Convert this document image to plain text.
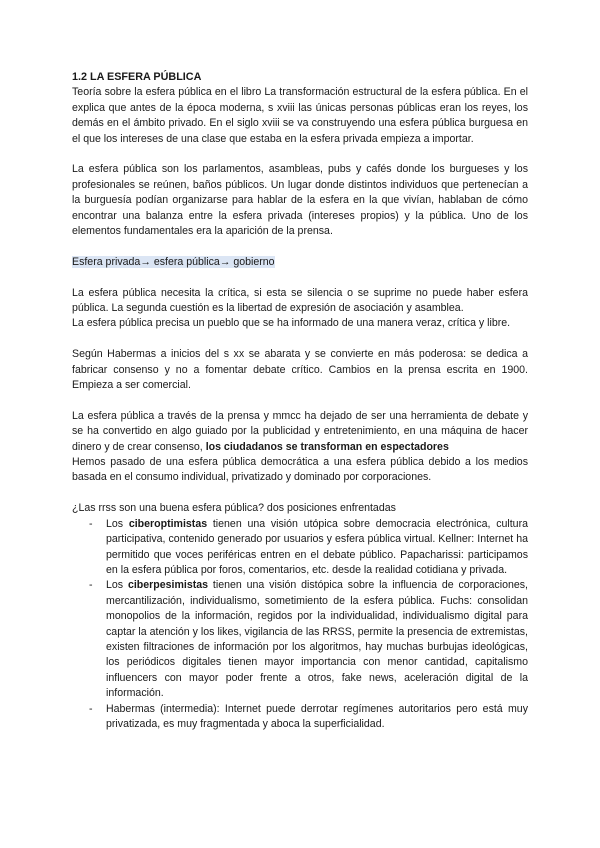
1.2 LA ESFERA PÚBLICA

Teoría sobre la esfera pública en el libro La transformación estructural de la esfera pública. En el explica que antes de la época moderna, s xviii las únicas personas públicas eran los reyes, los demás en el ámbito privado. En el siglo xviii se va construyendo una esfera pública burguesa en el que los intereses de una clase que estaba en la esfera privada empieza a importar.

La esfera pública son los parlamentos, asambleas, pubs y cafés donde los burgueses y los profesionales se reúnen, baños públicos. Un lugar donde distintos individuos que pertenecían a la burguesía podían organizarse para hablar de la esfera en la que vivían, hablaban de cómo encontrar una balanza entre la esfera privada (intereses propios) y la pública. Uno de los elementos fundamentales era la aparición de la prensa.

Esfera privada→ esfera pública→ gobierno

La esfera pública necesita la crítica, si esta se silencia o se suprime no puede haber esfera pública. La segunda cuestión es la libertad de expresión de asociación y asamblea.

La esfera pública precisa un pueblo que se ha informado de una manera veraz, crítica y libre.

Según Habermas a inicios del s xx se abarata y se convierte en más poderosa: se dedica a fabricar consenso y no a fomentar debate crítico. Cambios en la prensa escrita en 1900. Empieza a ser comercial.

La esfera pública a través de la prensa y mmcc ha dejado de ser una herramienta de debate y se ha convertido en algo guiado por la publicidad y entretenimiento, en una máquina de hacer dinero y de crear consenso, los ciudadanos se transforman en espectadores

Hemos pasado de una esfera pública democrática a una esfera pública debido a los medios basada en el consumo individual, privatizado y dominado por corporaciones.

¿Las rrss son una buena esfera pública? dos posiciones enfrentadas

- Los ciberoptimistas tienen una visión utópica sobre democracia electrónica, cultura participativa, contenido generado por usuarios y esfera pública virtual. Kellner: Internet ha permitido que voces periféricas entren en el debate público. Papacharissi: participamos en la esfera pública por foros, comentarios, etc. desde la realidad cotidiana y privada.
- Los ciberpesimistas tienen una visión distópica sobre la influencia de corporaciones, mercantilización, individualismo, sometimiento de la esfera pública. Fuchs: consolidan monopolios de la información, regidos por la individualidad, individualismo digital para captar la atención y los likes, vigilancia de las RRSS, permite la presencia de extremistas, existen filtraciones de información por los algoritmos, hay muchas burbujas ideológicas, los periódicos digitales tienen mayor importancia con menor cantidad, capitalismo influencers con mayor poder frente a otros, fake news, aceleración digital de la información.
- Habermas (intermedia): Internet puede derrotar regímenes autoritarios pero está muy privatizada, es muy fragmentada y aboca la superficialidad.
